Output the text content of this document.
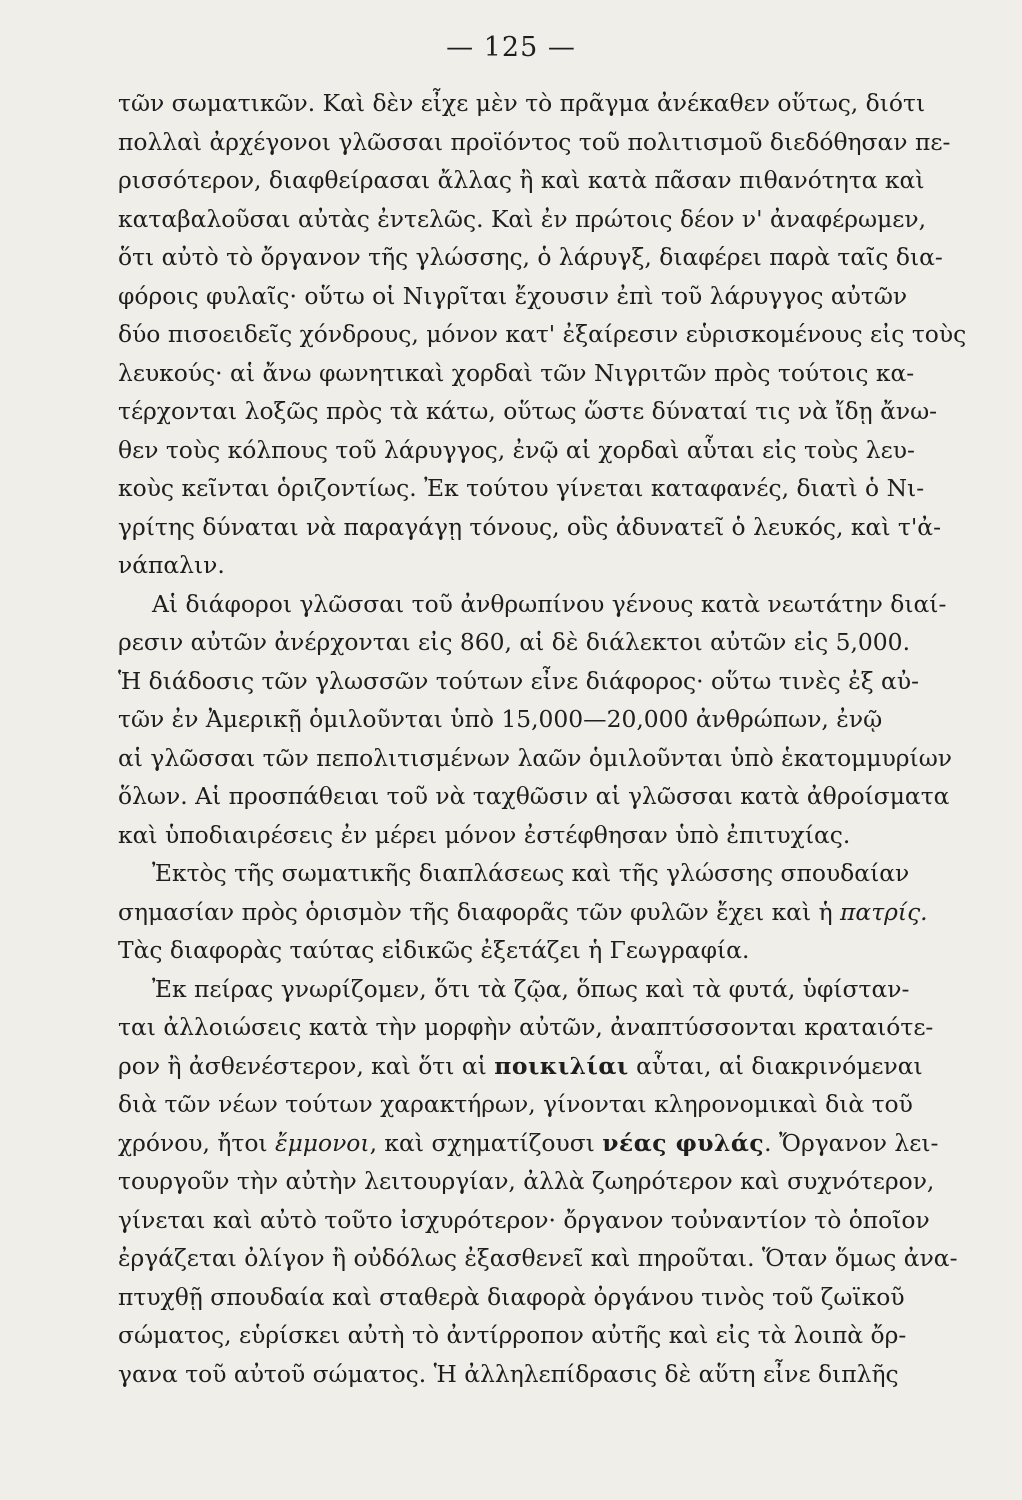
— 125 —
τῶν σωματικῶν. Καὶ δὲν εἶχε μὲν τὸ πρᾶγμα ἀνέκαθεν οὕτως, διότι
πολλαὶ ἀρχέγονοι γλῶσσαι προϊόντος τοῦ πολιτισμοῦ διεδόθησαν πε-
ρισσότερον, διαφθείρασαι ἄλλας ἢ καὶ κατὰ πᾶσαν πιθανότητα καὶ
καταβαλοῦσαι αὐτὰς ἐντελῶς. Καὶ ἐν πρώτοις δέον ν' ἀναφέρωμεν,
ὅτι αὐτὸ τὸ ὄργανον τῆς γλώσσης, ὁ λάρυγξ, διαφέρει παρὰ ταῖς δια-
φόροις φυλαῖς· οὕτω οἱ Νιγρῖται ἔχουσιν ἐπὶ τοῦ λάρυγγος αὐτῶν
δύο πισοειδεῖς χόνδρους, μόνον κατ' ἐξαίρεσιν εὑρισκομένους εἰς τοὺς
λευκούς· αἱ ἄνω φωνητικαὶ χορδαὶ τῶν Νιγριτῶν πρὸς τούτοις κα-
τέρχονται λοξῶς πρὸς τὰ κάτω, οὕτως ὥστε δύναταί τις νὰ ἴδῃ ἄνω-
θεν τοὺς κόλπους τοῦ λάρυγγος, ἐνῷ αἱ χορδαὶ αὗται εἰς τοὺς λευ-
κοὺς κεῖνται ὁριζοντίως. Ἐκ τούτου γίνεται καταφανές, διατὶ ὁ Νι-
γρίτης δύναται νὰ παραγάγῃ τόνους, οὓς ἀδυνατεῖ ὁ λευκός, καὶ τ'ἀ-
νάπαλιν.
Αἱ διάφοροι γλῶσσαι τοῦ ἀνθρωπίνου γένους κατὰ νεωτάτην διαί-
ρεσιν αὐτῶν ἀνέρχονται εἰς 860, αἱ δὲ διάλεκτοι αὐτῶν εἰς 5,000.
Ἡ διάδοσις τῶν γλωσσῶν τούτων εἶνε διάφορος· οὕτω τινὲς ἐξ αὐ-
τῶν ἐν Ἀμερικῇ ὁμιλοῦνται ὑπὸ 15,000—20,000 ἀνθρώπων, ἐνῷ
αἱ γλῶσσαι τῶν πεπολιτισμένων λαῶν ὁμιλοῦνται ὑπὸ ἑκατομμυρίων
ὅλων. Αἱ προσπάθειαι τοῦ νὰ ταχθῶσιν αἱ γλῶσσαι κατὰ ἀθροίσματα
καὶ ὑποδιαιρέσεις ἐν μέρει μόνον ἐστέφθησαν ὑπὸ ἐπιτυχίας.
Ἐκτὸς τῆς σωματικῆς διαπλάσεως καὶ τῆς γλώσσης σπουδαίαν
σημασίαν πρὸς ὁρισμὸν τῆς διαφορᾶς τῶν φυλῶν ἔχει καὶ ἡ πατρίς.
Τὰς διαφορὰς ταύτας εἰδικῶς ἐξετάζει ἡ Γεωγραφία.
Ἐκ πείρας γνωρίζομεν, ὅτι τὰ ζῷα, ὅπως καὶ τὰ φυτά, ὑφίσταν-
ται ἀλλοιώσεις κατὰ τὴν μορφὴν αὐτῶν, ἀναπτύσσονται κραταιότε-
ρον ἢ ἀσθενέστερον, καὶ ὅτι αἱ ποικιλίαι αὗται, αἱ διακρινόμεναι
διὰ τῶν νέων τούτων χαρακτήρων, γίνονται κληρονομικαὶ διὰ τοῦ
χρόνου, ἤτοι ἔμμονοι, καὶ σχηματίζουσι νέας φυλάς. Ὄργανον λει-
τουργοῦν τὴν αὐτὴν λειτουργίαν, ἀλλὰ ζωηρότερον καὶ συχνότερον,
γίνεται καὶ αὐτὸ τοῦτο ἰσχυρότερον· ὄργανον τοὐναντίον τὸ ὁποῖον
ἐργάζεται ὀλίγον ἢ οὐδόλως ἐξασθενεῖ καὶ πηροῦται. Ὅταν ὅμως ἀνα-
πτυχθῇ σπουδαία καὶ σταθερὰ διαφορὰ ὀργάνου τινὸς τοῦ ζωϊκοῦ
σώματος, εὑρίσκει αὐτὴ τὸ ἀντίρροπον αὐτῆς καὶ εἰς τὰ λοιπὰ ὄρ-
γανα τοῦ αὐτοῦ σώματος. Ἡ ἀλληλεπίδρασις δὲ αὕτη εἶνε διπλῆς
